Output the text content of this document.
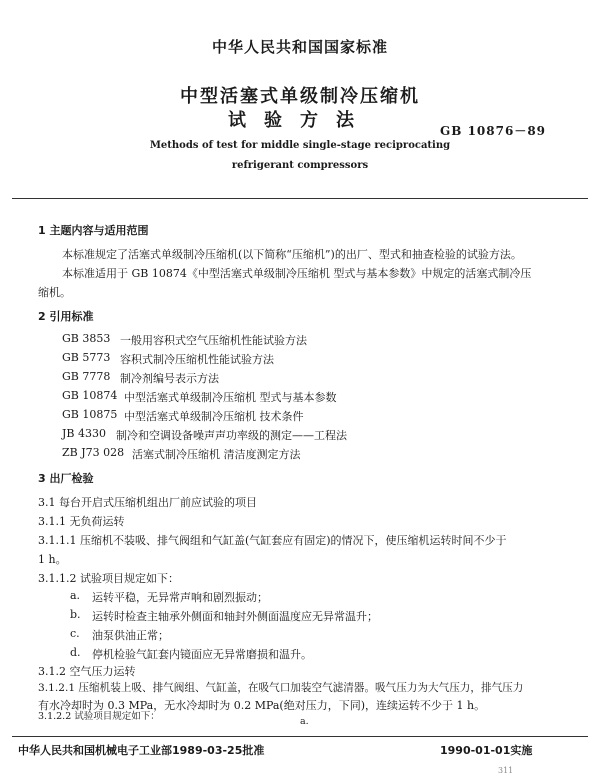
中华人民共和国国家标准
中型活塞式单级制冷压缩机
试验方法	GB 10876－89
Methods of test for middle single-stage reciprocating
refrigerant compressors
1 主题内容与适用范围
本标准规定了活塞式单级制冷压缩机(以下简称“压缩机”)的出厂、型式和抽查检验的试验方法。
本标准适用于 GB 10874《中型活塞式单级制冷压缩机 型式与基本参数》中规定的活塞式制冷压
缩机。
2 引用标准
GB 3853 一般用容积式空气压缩机性能试验方法
GB 5773 容积式制冷压缩机性能试验方法
GB 7778 制冷剂编号表示方法
GB 10874 中型活塞式单级制冷压缩机 型式与基本参数
GB 10875 中型活塞式单级制冷压缩机 技术条件
JB 4330 制冷和空调设备噪声声功率级的测定——工程法
ZB J73 028 活塞式制冷压缩机 清洁度测定方法
3 出厂检验
3.1 每台开启式压缩机组出厂前应试验的项目
3.1.1 无负荷运转
3.1.1.1 压缩机不装吸、排气阀组和气缸盖(气缸套应有固定)的情况下，使压缩机运转时间不少于
1 h。
3.1.1.2 试验项目规定如下：
a. 运转平稳，无异常声响和剧烈振动；
b. 运转时检查主轴承外侧面和轴封外侧面温度应无异常温升；
c. 油泵供油正常；
d. 停机检验气缸套内镜面应无异常磨损和温升。
3.1.2 空气压力运转
3.1.2.1 压缩机装上吸、排气阀组、气缸盖，在吸气口加装空气滤清器。吸气压力为大气压力，排气压力
有水冷却时为 0.3 MPa，无水冷却时为 0.2 MPa(绝对压力，下同)，连续运转不少于 1 h。
中华人民共和国机械电子工业部1989-03-25批准	1990-01-01实施
311
3.1.2.2 试验项目规定如下：	a.
